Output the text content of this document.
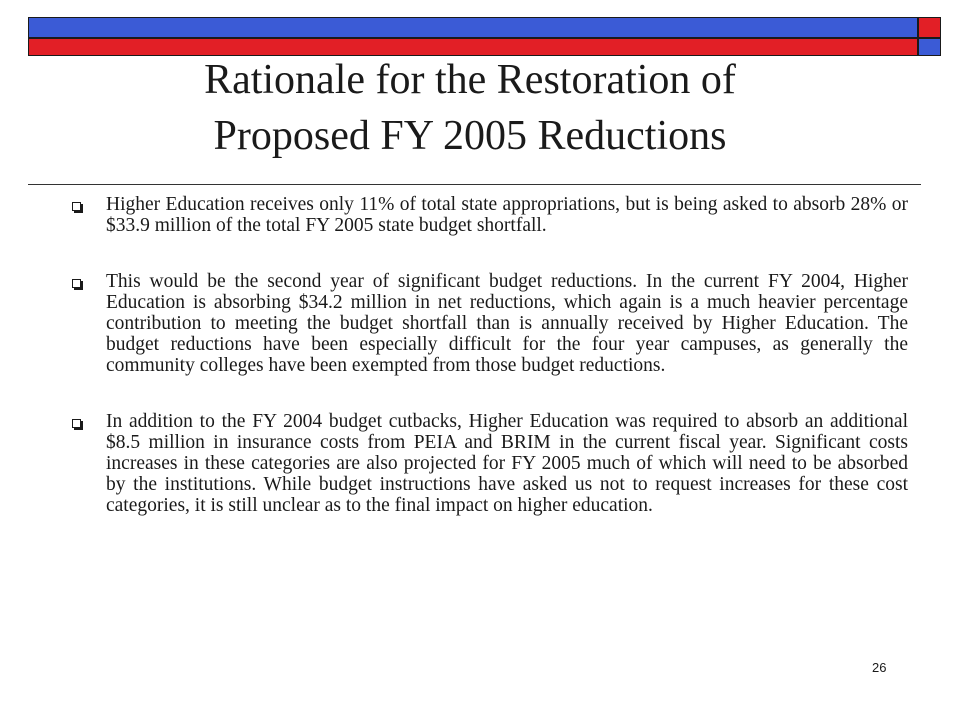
Rationale for the Restoration of
Proposed FY 2005 Reductions
Higher Education receives only 11% of total state appropriations, but is being asked to absorb 28% or $33.9 million of the total FY 2005 state budget shortfall.
This would be the second year of significant budget reductions. In the current FY 2004, Higher Education is absorbing $34.2 million in net reductions, which again is a much heavier percentage contribution to meeting the budget shortfall than is annually received by Higher Education. The budget reductions have been especially difficult for the four year campuses, as generally the community colleges have been exempted from those budget reductions.
In addition to the FY 2004 budget cutbacks, Higher Education was required to absorb an additional $8.5 million in insurance costs from PEIA and BRIM in the current fiscal year. Significant costs increases in these categories are also projected for FY 2005 much of which will need to be absorbed by the institutions. While budget instructions have asked us not to request increases for these cost categories, it is still unclear as to the final impact on higher education.
26
